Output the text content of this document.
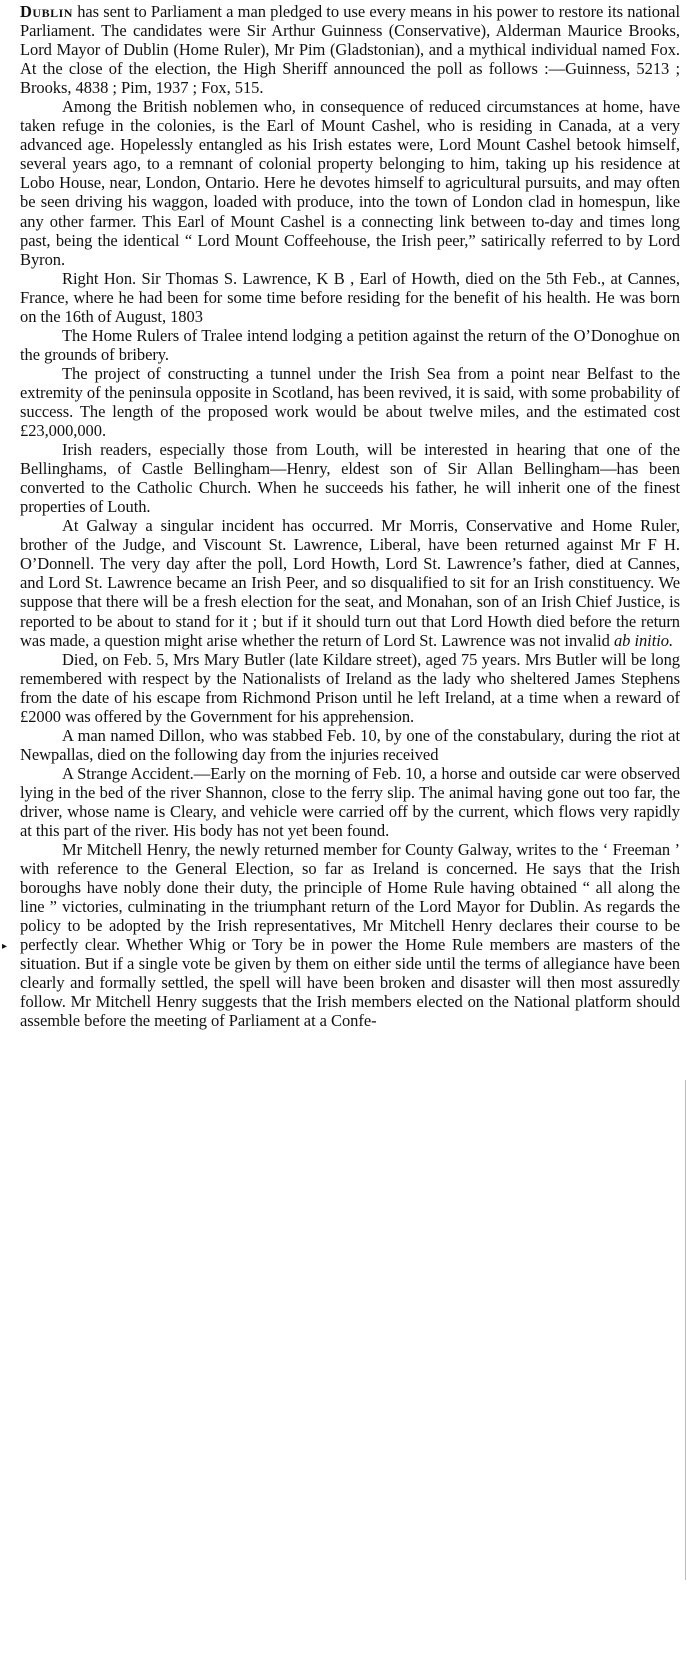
Dublin has sent to Parliament a man pledged to use every means in his power to restore its national Parliament. The candidates were Sir Arthur Guinness (Conservative), Alderman Maurice Brooks, Lord Mayor of Dublin (Home Ruler), Mr Pim (Gladstonian), and a mythical individual named Fox. At the close of the election, the High Sheriff announced the poll as follows :—Guinness, 5213 ; Brooks, 4838 ; Pim, 1937 ; Fox, 515.

Among the British noblemen who, in consequence of reduced circumstances at home, have taken refuge in the colonies, is the Earl of Mount Cashel, who is residing in Canada, at a very advanced age. Hopelessly entangled as his Irish estates were, Lord Mount Cashel betook himself, several years ago, to a remnant of colonial property belonging to him, taking up his residence at Lobo House, near, London, Ontario. Here he devotes himself to agricultural pursuits, and may often be seen driving his waggon, loaded with produce, into the town of London clad in homespun, like any other farmer. This Earl of Mount Cashel is a connecting link between to-day and times long past, being the identical “ Lord Mount Coffeehouse, the Irish peer,” satirically referred to by Lord Byron.

Right Hon. Sir Thomas S. Lawrence, K B , Earl of Howth, died on the 5th Feb., at Cannes, France, where he had been for some time before residing for the benefit of his health. He was born on the 16th of August, 1803

The Home Rulers of Tralee intend lodging a petition against the return of the O’Donoghue on the grounds of bribery.

The project of constructing a tunnel under the Irish Sea from a point near Belfast to the extremity of the peninsula opposite in Scotland, has been revived, it is said, with some probability of success. The length of the proposed work would be about twelve miles, and the estimated cost £23,000,000.

Irish readers, especially those from Louth, will be interested in hearing that one of the Bellinghams, of Castle Bellingham—Henry, eldest son of Sir Allan Bellingham—has been converted to the Catholic Church. When he succeeds his father, he will inherit one of the finest properties of Louth.

At Galway a singular incident has occurred. Mr Morris, Conservative and Home Ruler, brother of the Judge, and Viscount St. Lawrence, Liberal, have been returned against Mr F H. O’Donnell. The very day after the poll, Lord Howth, Lord St. Lawrence’s father, died at Cannes, and Lord St. Lawrence became an Irish Peer, and so disqualified to sit for an Irish constituency. We suppose that there will be a fresh election for the seat, and Monahan, son of an Irish Chief Justice, is reported to be about to stand for it ; but if it should turn out that Lord Howth died before the return was made, a question might arise whether the return of Lord St. Lawrence was not invalid ab initio.

Died, on Feb. 5, Mrs Mary Butler (late Kildare street), aged 75 years. Mrs Butler will be long remembered with respect by the Nationalists of Ireland as the lady who sheltered James Stephens from the date of his escape from Richmond Prison until he left Ireland, at a time when a reward of £2000 was offered by the Government for his apprehension.

A man named Dillon, who was stabbed Feb. 10, by one of the constabulary, during the riot at Newpallas, died on the following day from the injuries received

A Strange Accident.—Early on the morning of Feb. 10, a horse and outside car were observed lying in the bed of the river Shannon, close to the ferry slip. The animal having gone out too far, the driver, whose name is Cleary, and vehicle were carried off by the current, which flows very rapidly at this part of the river. His body has not yet been found.

Mr Mitchell Henry, the newly returned member for County Galway, writes to the ‘ Freeman ’ with reference to the General Election, so far as Ireland is concerned. He says that the Irish boroughs have nobly done their duty, the principle of Home Rule having obtained “ all along the line ” victories, culminating in the triumphant return of the Lord Mayor for Dublin. As regards the policy to be adopted by the Irish representatives, Mr Mitchell Henry declares their course to be perfectly clear. Whether Whig or Tory be in power the Home Rule members are masters of the situation. But if a single vote be given by them on either side until the terms of allegiance have been clearly and formally settled, the spell will have been broken and disaster will then most assuredly follow. Mr Mitchell Henry suggests that the Irish members elected on the National platform should assemble before the meeting of Parliament at a Confe-

▸
